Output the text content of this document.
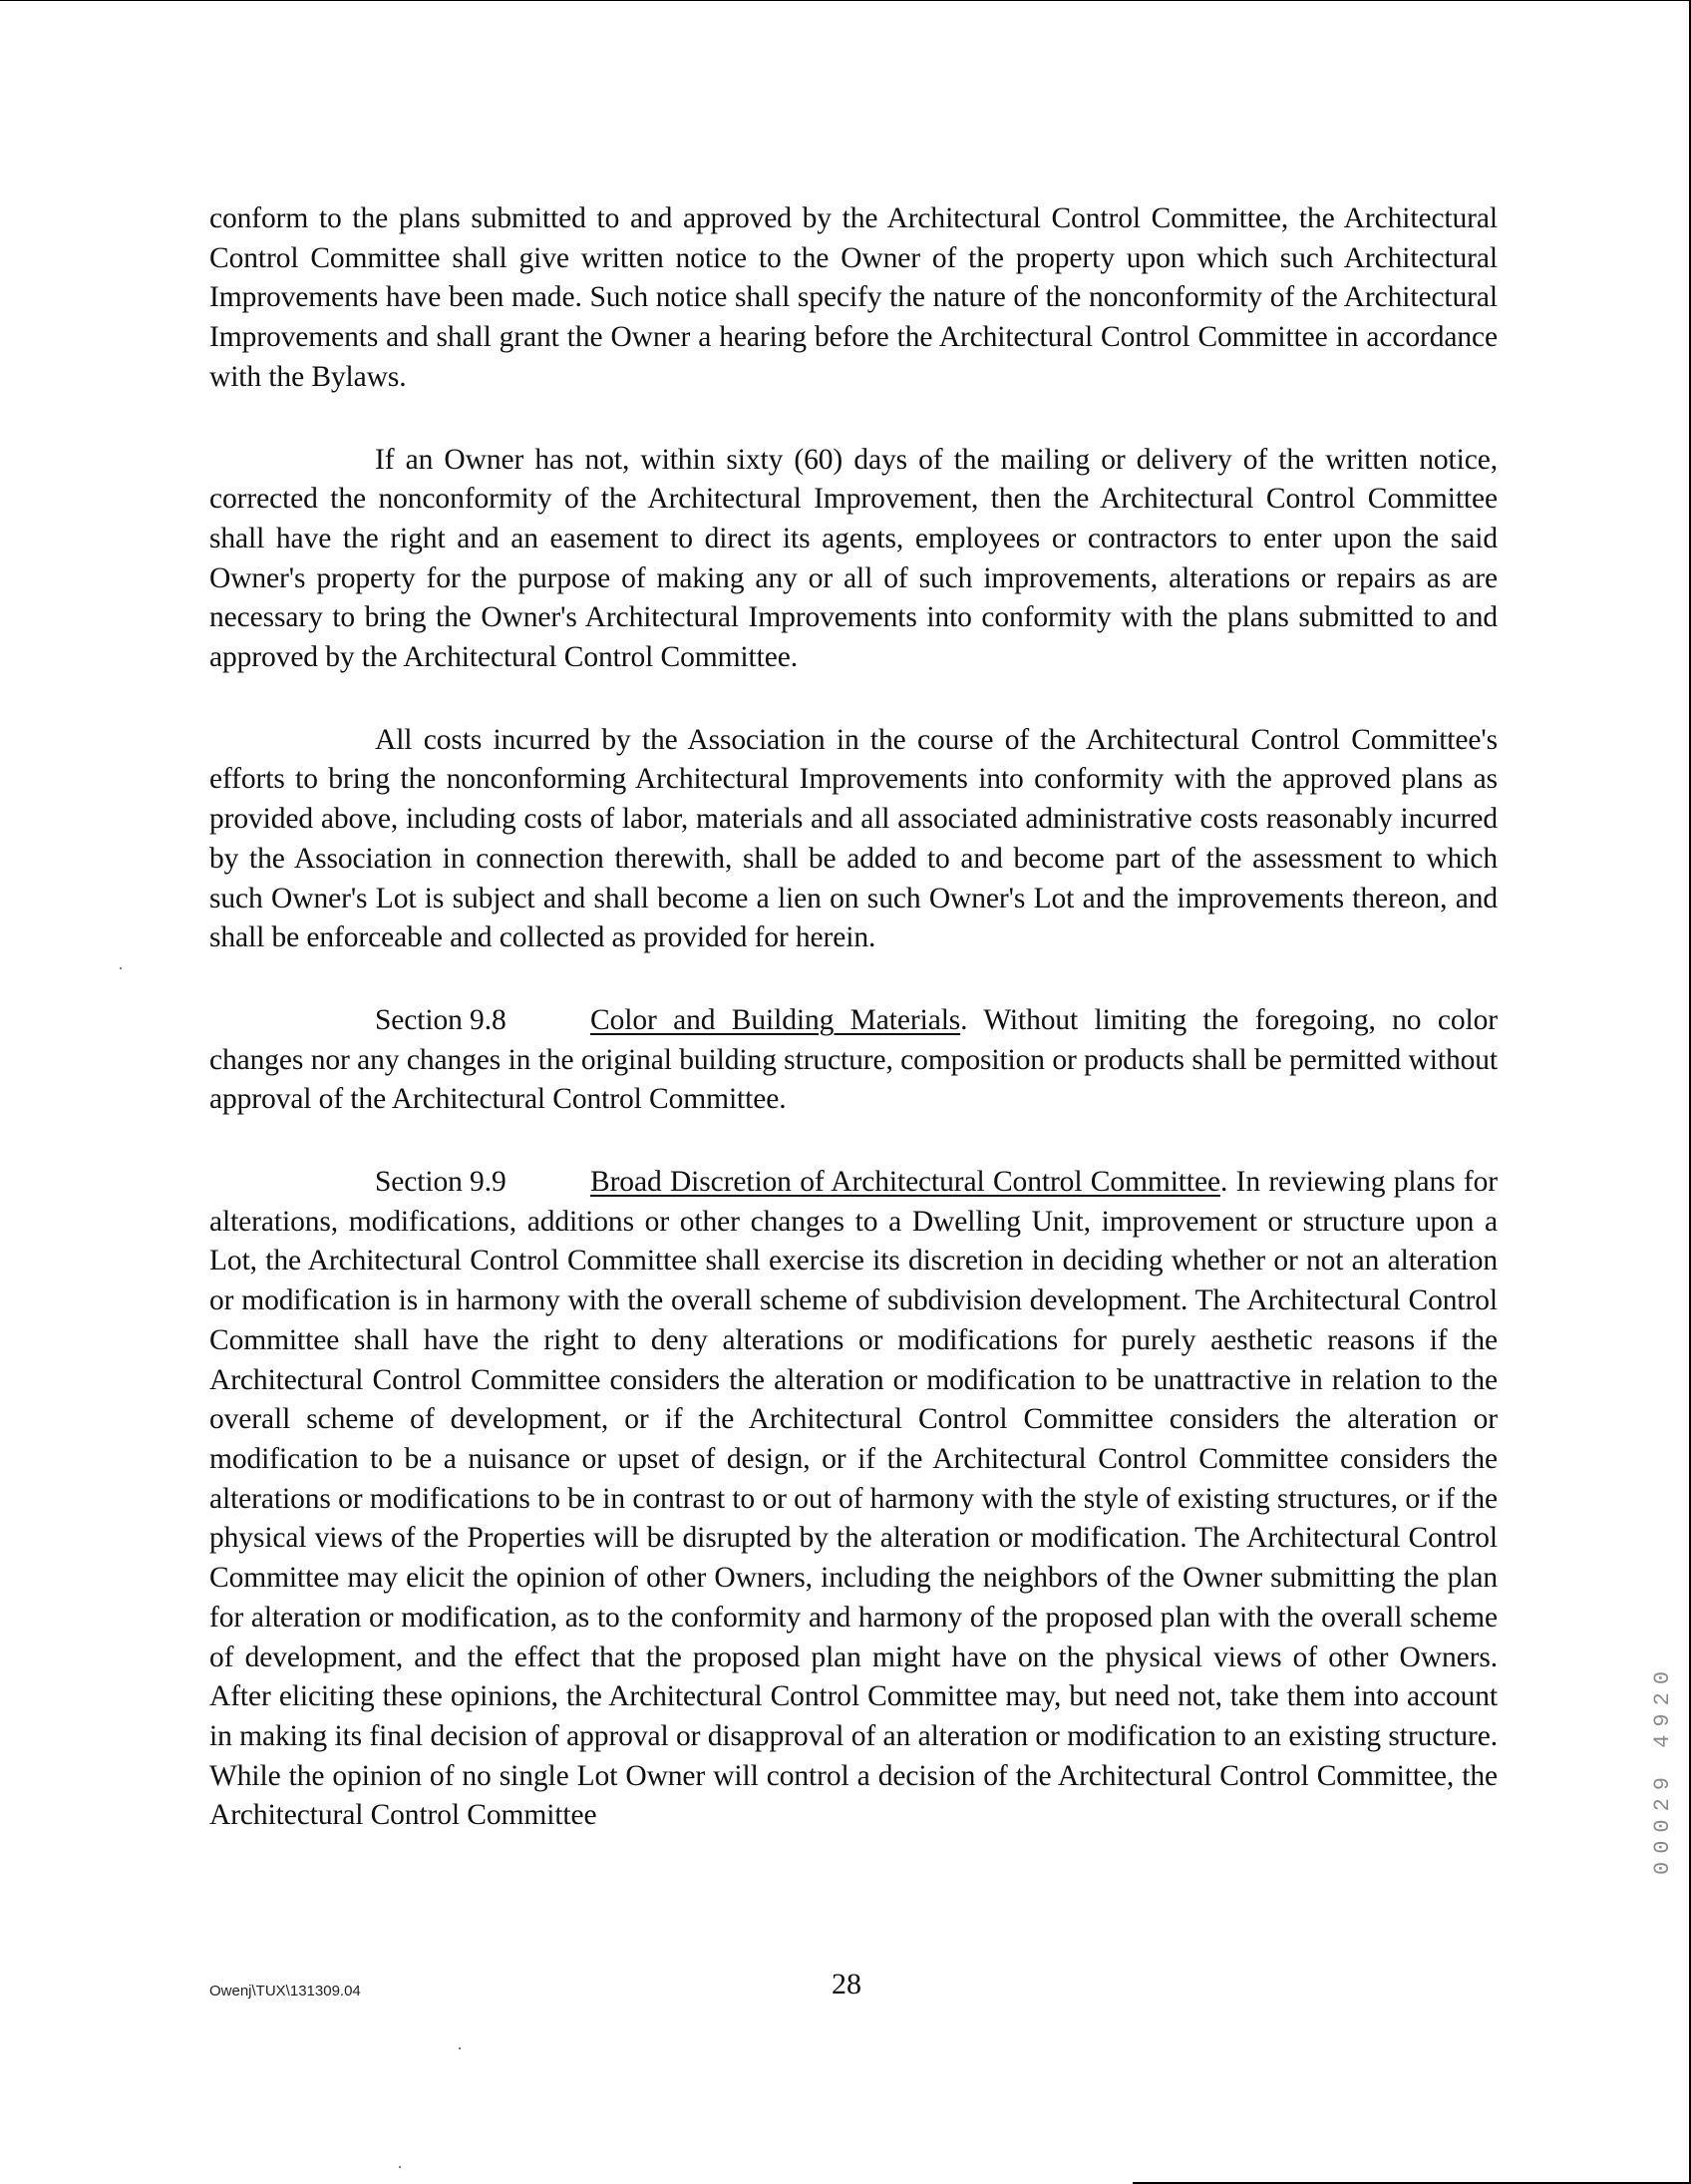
conform to the plans submitted to and approved by the Architectural Control Committee, the Architectural Control Committee shall give written notice to the Owner of the property upon which such Architectural Improvements have been made. Such notice shall specify the nature of the nonconformity of the Architectural Improvements and shall grant the Owner a hearing before the Architectural Control Committee in accordance with the Bylaws.

If an Owner has not, within sixty (60) days of the mailing or delivery of the written notice, corrected the nonconformity of the Architectural Improvement, then the Architectural Control Committee shall have the right and an easement to direct its agents, employees or contractors to enter upon the said Owner's property for the purpose of making any or all of such improvements, alterations or repairs as are necessary to bring the Owner's Architectural Improvements into conformity with the plans submitted to and approved by the Architectural Control Committee.

All costs incurred by the Association in the course of the Architectural Control Committee's efforts to bring the nonconforming Architectural Improvements into conformity with the approved plans as provided above, including costs of labor, materials and all associated administrative costs reasonably incurred by the Association in connection therewith, shall be added to and become part of the assessment to which such Owner's Lot is subject and shall become a lien on such Owner's Lot and the improvements thereon, and shall be enforceable and collected as provided for herein.

Section 9.8	Color and Building Materials. Without limiting the foregoing, no color changes nor any changes in the original building structure, composition or products shall be permitted without approval of the Architectural Control Committee.

Section 9.9	Broad Discretion of Architectural Control Committee. In reviewing plans for alterations, modifications, additions or other changes to a Dwelling Unit, improvement or structure upon a Lot, the Architectural Control Committee shall exercise its discretion in deciding whether or not an alteration or modification is in harmony with the overall scheme of subdivision development. The Architectural Control Committee shall have the right to deny alterations or modifications for purely aesthetic reasons if the Architectural Control Committee considers the alteration or modification to be unattractive in relation to the overall scheme of development, or if the Architectural Control Committee considers the alteration or modification to be a nuisance or upset of design, or if the Architectural Control Committee considers the alterations or modifications to be in contrast to or out of harmony with the style of existing structures, or if the physical views of the Properties will be disrupted by the alteration or modification. The Architectural Control Committee may elicit the opinion of other Owners, including the neighbors of the Owner submitting the plan for alteration or modification, as to the conformity and harmony of the proposed plan with the overall scheme of development, and the effect that the proposed plan might have on the physical views of other Owners. After eliciting these opinions, the Architectural Control Committee may, but need not, take them into account in making its final decision of approval or disapproval of an alteration or modification to an existing structure. While the opinion of no single Lot Owner will control a decision of the Architectural Control Committee, the Architectural Control Committee

Owenj\TUX\131309.04	28
00029 4920
